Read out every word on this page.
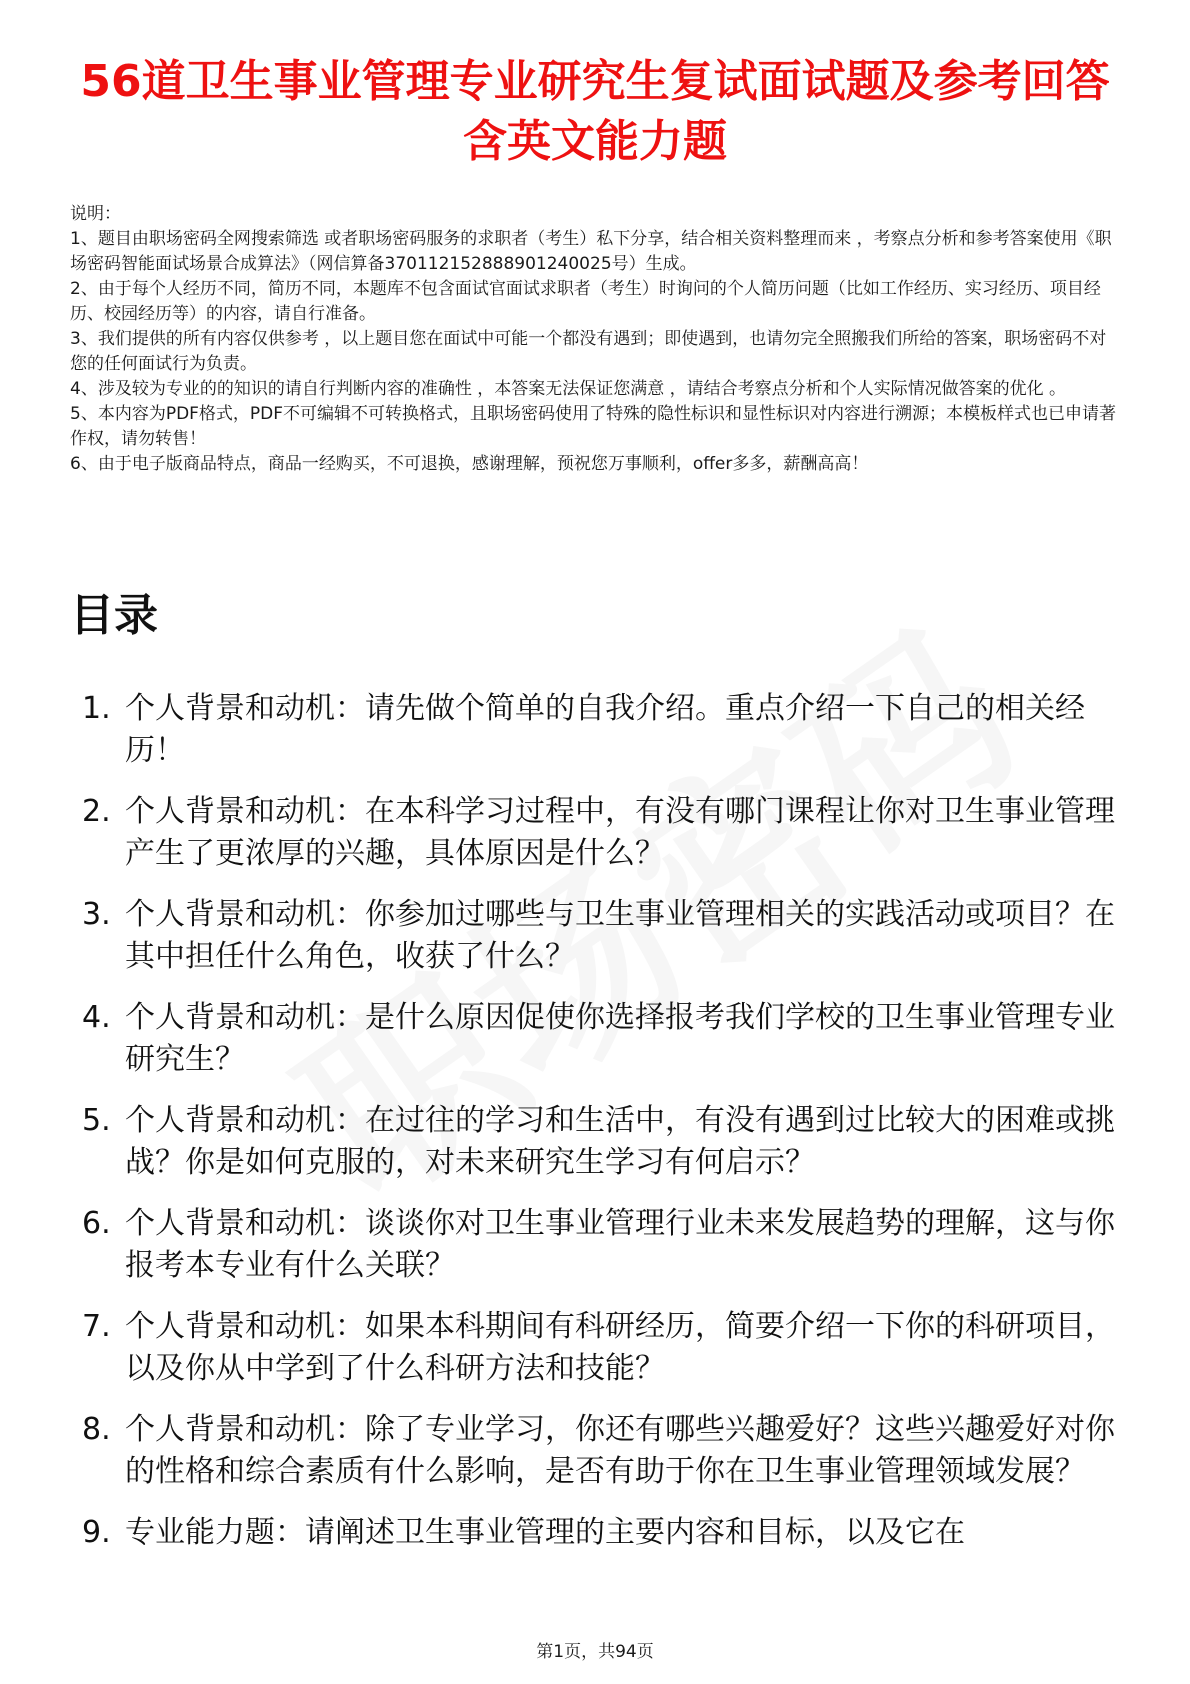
56道卫生事业管理专业研究生复试面试题及参考回答含英文能力题

说明：

1、题目由职场密码全网搜索筛选 或者职场密码服务的求职者（考生）私下分享，结合相关资料整理而来 ，考察点分析和参考答案使用《职场密码智能面试场景合成算法》（网信算备370112152888901240025号）生成。

2、由于每个人经历不同，简历不同，本题库不包含面试官面试求职者（考生）时询问的个人简历问题（比如工作经历、实习经历、项目经历、校园经历等）的内容，请自行准备。

3、我们提供的所有内容仅供参考 ，以上题目您在面试中可能一个都没有遇到；即使遇到，也请勿完全照搬我们所给的答案，职场密码不对您的任何面试行为负责。

4、涉及较为专业的的知识的请自行判断内容的准确性 ，本答案无法保证您满意 ，请结合考察点分析和个人实际情况做答案的优化 。

5、本内容为PDF格式，PDF不可编辑不可转换格式，且职场密码使用了特殊的隐性标识和显性标识对内容进行溯源；本模板样式也已申请著作权，请勿转售！

6、由于电子版商品特点，商品一经购买，不可退换，感谢理解，预祝您万事顺利，offer多多，薪酬高高！

目录
1. 个人背景和动机：请先做个简单的自我介绍。重点介绍一下自己的相关经历！
2. 个人背景和动机：在本科学习过程中，有没有哪门课程让你对卫生事业管理产生了更浓厚的兴趣，具体原因是什么？
3. 个人背景和动机：你参加过哪些与卫生事业管理相关的实践活动或项目？在其中担任什么角色，收获了什么？
4. 个人背景和动机：是什么原因促使你选择报考我们学校的卫生事业管理专业研究生？
5. 个人背景和动机：在过往的学习和生活中，有没有遇到过比较大的困难或挑战？你是如何克服的，对未来研究生学习有何启示？
6. 个人背景和动机：谈谈你对卫生事业管理行业未来发展趋势的理解，这与你报考本专业有什么关联？
7. 个人背景和动机：如果本科期间有科研经历，简要介绍一下你的科研项目，以及你从中学到了什么科研方法和技能？
8. 个人背景和动机：除了专业学习，你还有哪些兴趣爱好？这些兴趣爱好对你的性格和综合素质有什么影响，是否有助于你在卫生事业管理领域发展？
9. 专业能力题：请阐述卫生事业管理的主要内容和目标，以及它在
第1页，共94页
